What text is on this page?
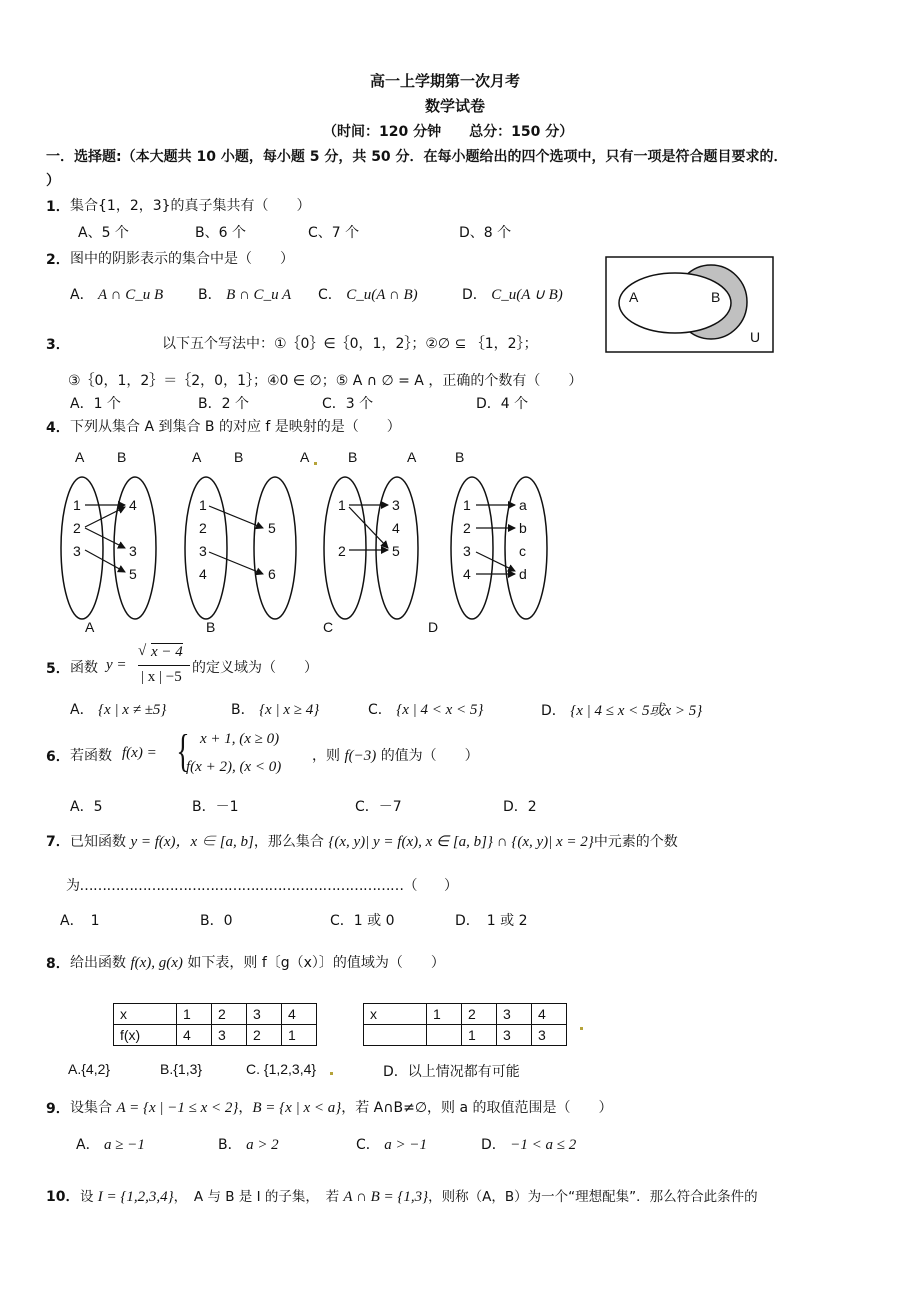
高一上学期第一次月考
数学试卷
（时间：120 分钟　　总分：150 分）
一．选择题:（本大题共 10 小题，每小题 5 分，共 50 分．在每小题给出的四个选项中，只有一项是符合题目要求的．
）
1． 集合{1，2，3}的真子集共有（　　）
A、5 个	B、6 个	C、7 个	D、8 个
2． 图中的阴影表示的集合中是（　　）
A． A ∩ C_u B B． B ∩ C_u A C． C_u(A ∩ B)	D． C_u(A ∪ B)	A	B
U
3．	以下五个写法中：①｛0｝∈｛0，1，2｝；②∅ ⊆ ｛1，2｝；
③｛0，1，2｝＝｛2，0，1｝；④0 ∈ ∅；⑤ A ∩ ∅ = A ，正确的个数有（　　）
A．1 个	B．2 个	C．3 个	D．4 个
4． 下列从集合 A 到集合 B 的对应 f 是映射的是（　　）
A B	A B	A	B	A	B
1
2
3
4
3
5
1
2
3
4
5
6
1
2
3
4
5
1
2
3
4
a
b
c
d
A	B	C	D
5． 函数 y =
√ x − 4
| x | −5
的定义域为（　　）
A． {x | x ≠ ±5}	B． {x | x ≥ 4}	C． {x | 4 < x < 5}	D． {x | 4 ≤ x < 5或x > 5}
6． 若函数 f(x) = { x + 1, (x ≥ 0)
f(x + 2), (x < 0)
，则 f(−3) 的值为（　　）
A．5	B．－1	C．－7	D．2
7． 已知函数 y = f(x)，x ∈ [a, b]，那么集合 {(x, y)| y = f(x), x ∈ [a, b]} ∩ {(x, y)| x = 2}中元素的个数
为………………………………………………………………（　　）
A．　1	B．0	C．1 或 0	D．　1 或 2
8． 给出函数 f(x), g(x) 如下表，则 f〔g（x）〕的值域为（　　）
x	1	2	3	4
f(x)	4	3	2	1
x	1	2	3	4
		1	3	3
A.{4,2}	B.{1,3}	C. {1,2,3,4}	D．以上情况都有可能
9． 设集合 A = {x | −1 ≤ x < 2}，B = {x | x < a}，若 A∩B≠∅，则 a 的取值范围是（　　）
A． a ≥ −1	B． a > 2	C． a > −1	D． −1 < a ≤ 2
10． 设 I = {1,2,3,4}，　A 与 B 是 I 的子集，　若 A ∩ B = {1,3}，则称（A，B）为一个“理想配集”．那么符合此条件的
